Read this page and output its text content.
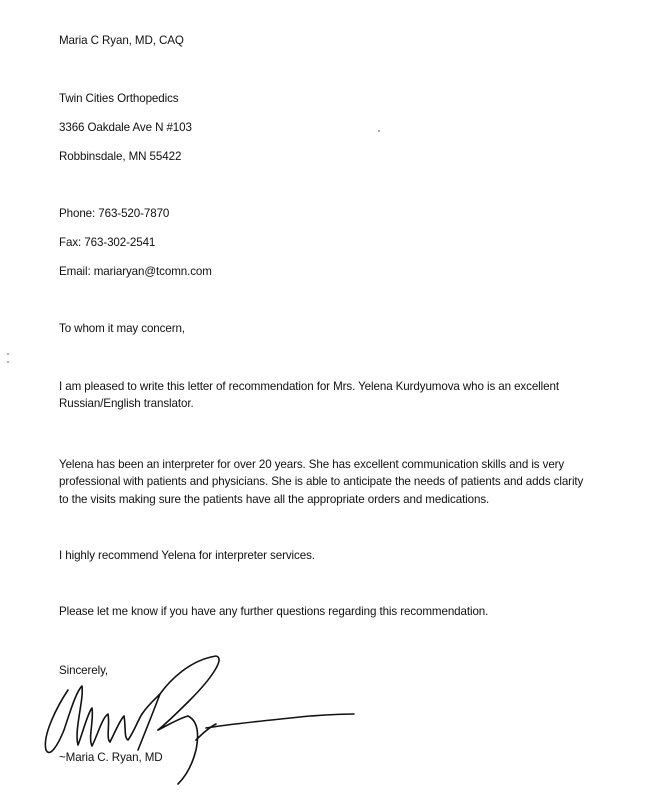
Maria C Ryan, MD, CAQ
Twin Cities Orthopedics
3366 Oakdale Ave N #103
Robbinsdale, MN 55422
Phone: 763-520-7870
Fax: 763-302-2541
Email: mariaryan@tcomn.com
To whom it may concern,
I am pleased to write this letter of recommendation for Mrs. Yelena Kurdyumova who is an excellent
Russian/English translator.
Yelena has been an interpreter for over 20 years. She has excellent communication skills and is very
professional with patients and physicians. She is able to anticipate the needs of patients and adds clarity
to the visits making sure the patients have all the appropriate orders and medications.
I highly recommend Yelena for interpreter services.
Please let me know if you have any further questions regarding this recommendation.
Sincerely,
~Maria C. Ryan, MD
